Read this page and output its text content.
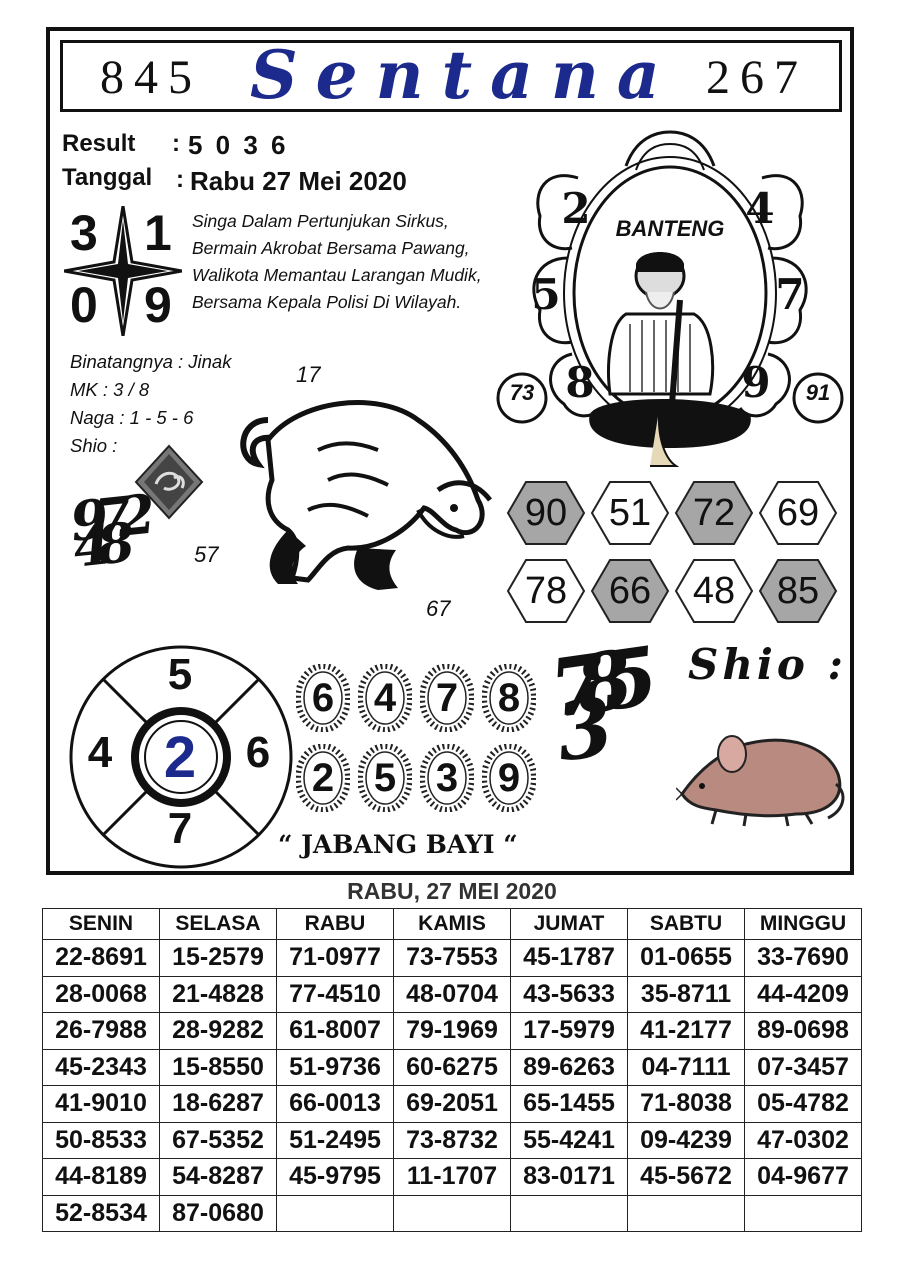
845 Sentana 267
Result : 5 0 3 6
Tanggal : Rabu 27 Mei 2020
3 1
0 9
Singa Dalam Pertunjukan Sirkus,
Bermain Akrobat Bersama Pawang,
Walikota Memantau Larangan Mudik,
Bersama Kepala Polisi Di Wilayah.
Binatangnya : Jinak
MK : 3 / 8
Naga : 1 - 5 - 6
Shio :
97248
17
57
67
2	4
5	7
8	9
73	91
BANTENG
90	51	72	69
78	66	48	85
5
4 2 6
7
6 4 7 8
2 5 3 9
“ JABANG BAYI “
7853
Shio :
RABU, 27 MEI 2020
SENIN	SELASA	RABU	KAMIS	JUMAT	SABTU	MINGGU
22-8691	15-2579	71-0977	73-7553	45-1787	01-0655	33-7690
28-0068	21-4828	77-4510	48-0704	43-5633	35-8711	44-4209
26-7988	28-9282	61-8007	79-1969	17-5979	41-2177	89-0698
45-2343	15-8550	51-9736	60-6275	89-6263	04-7111	07-3457
41-9010	18-6287	66-0013	69-2051	65-1455	71-8038	05-4782
50-8533	67-5352	51-2495	73-8732	55-4241	09-4239	47-0302
44-8189	54-8287	45-9795	11-1707	83-0171	45-5672	04-9677
52-8534	87-0680					
